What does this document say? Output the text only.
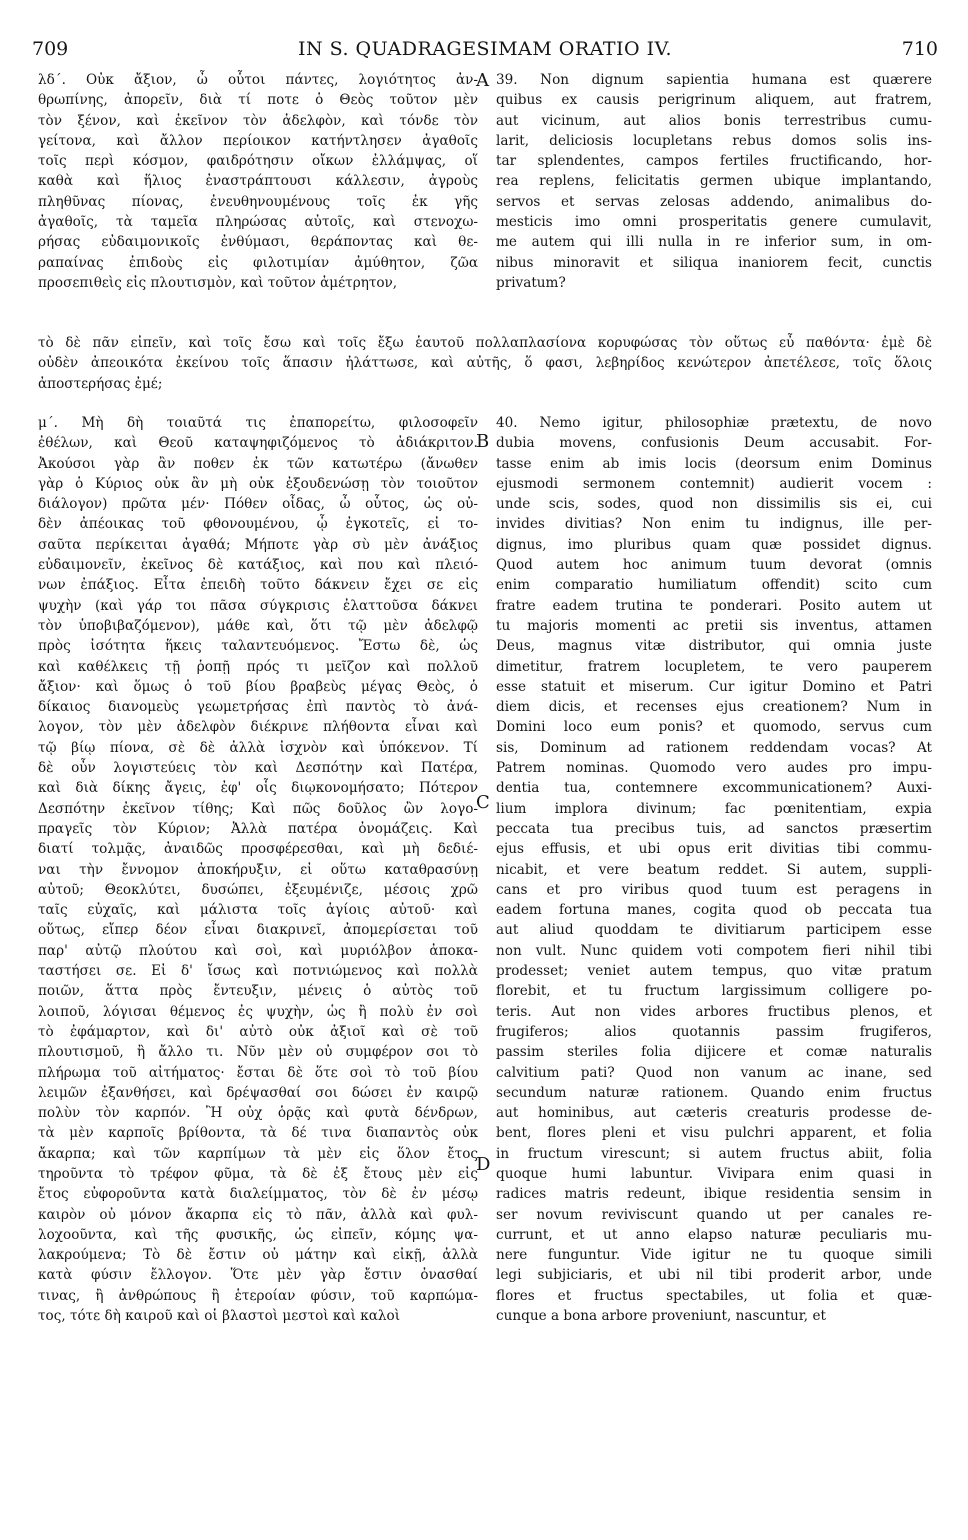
709	IN S. QUADRAGESIMAM ORATIO IV.	710
A
B
C
D
λδ΄. Οὐκ ἄξιον, ὦ οὗτοι πάντες, λογιότητος ἀν-
θρωπίνης, ἀπορεῖν, διὰ τί ποτε ὁ Θεὸς τοῦτον μὲν
τὸν ξένον, καὶ ἐκεῖνον τὸν ἀδελφὸν, καὶ τόνδε τὸν
γείτονα, καὶ ἄλλον περίοικον κατήντλησεν ἀγαθοῖς
τοῖς περὶ κόσμον, φαιδρότησιν οἴκων ἐλλάμψας, οἵ
καθὰ καὶ ἥλιος ἐναστράπτουσι κάλλεσιν, ἀγροὺς
πληθῦνας πίονας, ἐνευθηνουμένους τοῖς ἐκ γῆς
ἀγαθοῖς, τὰ ταμεῖα πληρώσας αὐτοῖς, καὶ στενοχω-
ρήσας εὐδαιμονικοῖς ἐνθύμασι, θεράποντας καὶ θε-
ραπαίνας ἐπιδοὺς εἰς φιλοτιμίαν ἀμύθητον, ζῶα
προσεπιθεὶς εἰς πλουτισμὸν, καὶ τοῦτον ἀμέτρητον,
39. Non dignum sapientia humana est quærere
quibus ex causis perigrinum aliquem, aut fratrem,
aut vicinum, aut alios bonis terrestribus cumu-
larit, deliciosis locupletans rebus domos solis ins-
tar splendentes, campos fertiles fructificando, hor-
rea replens, felicitatis germen ubique implantando,
servos et servas zelosas addendo, animalibus do-
mesticis imo omni prosperitatis genere cumulavit,
me autem qui illi nulla in re inferior sum, in om-
nibus minoravit et siliqua inaniorem fecit, cunctis
privatum?
τὸ δὲ πᾶν εἰπεῖν, καὶ τοῖς ἔσω καὶ τοῖς ἔξω ἑαυτοῦ πολλαπλασίονα κορυφώσας τὸν οὕτως εὖ παθόντα· ἐμὲ δὲ
οὐδὲν ἀπεοικότα ἐκείνου τοῖς ἅπασιν ἠλάττωσε, καὶ αὐτῆς, ὅ φασι, λεβηρίδος κενώτερον ἀπετέλεσε, τοῖς ὅλοις
ἀποστερήσας ἐμέ;
μ΄. Μὴ δὴ τοιαῦτά τις ἐπαπορείτω, φιλοσοφεῖν
ἐθέλων, καὶ Θεοῦ καταψηφιζόμενος τὸ ἀδιάκριτον.
Ἀκούσοι γὰρ ἂν ποθεν ἐκ τῶν κατωτέρω (ἄνωθεν
γὰρ ὁ Κύριος οὐκ ἂν μὴ οὐκ ἐξουδενώσῃ τὸν τοιοῦτον
διάλογον) πρῶτα μέν· Πόθεν οἶδας, ὦ οὗτος, ὡς οὐ-
δὲν ἀπέοικας τοῦ φθονουμένου, ᾧ ἐγκοτεῖς, εἰ το-
σαῦτα περίκειται ἀγαθά; Μήποτε γὰρ σὺ μὲν ἀνάξιος
εὐδαιμονεῖν, ἐκεῖνος δὲ κατάξιος, καὶ που καὶ πλειό-
νων ἐπάξιος. Εἶτα ἐπειδὴ τοῦτο δάκνειν ἔχει σε εἰς
ψυχὴν (καὶ γάρ τοι πᾶσα σύγκρισις ἐλαττοῦσα δάκνει
τὸν ὑποβιβαζόμενον), μάθε καὶ, ὅτι τῷ μὲν ἀδελφῷ
πρὸς ἰσότητα ἥκεις ταλαντευόμενος. Ἔστω δὲ, ὡς
καὶ καθέλκεις τῇ ῥοπῇ πρός τι μεῖζον καὶ πολλοῦ
ἄξιον· καὶ ὅμως ὁ τοῦ βίου βραβεὺς μέγας Θεὸς, ὁ
δίκαιος διανομεὺς γεωμετρήσας ἐπὶ παντὸς τὸ ἀνά-
λογον, τὸν μὲν ἀδελφὸν διέκρινε πλήθοντα εἶναι καὶ
τῷ βίῳ πίονα, σὲ δὲ ἀλλὰ ἰσχνὸν καὶ ὑπόκενον. Τί
δὲ οὖν λογιστεύεις τὸν καὶ Δεσπότην καὶ Πατέρα,
καὶ διὰ δίκης ἄγεις, ἐφ' οἷς διῳκονομήσατο; Πότερον
Δεσπότην ἐκεῖνον τίθης; Καὶ πῶς δοῦλος ὢν λογο-
πραγεῖς τὸν Κύριον; Ἀλλὰ πατέρα ὀνομάζεις. Καὶ
διατί τολμᾷς, ἀναιδῶς προσφέρεσθαι, καὶ μὴ δεδιέ-
ναι τὴν ἔννομον ἀποκήρυξιν, εἰ οὕτω καταθρασύνῃ
αὐτοῦ; Θεοκλύτει, δυσώπει, ἐξευμένιζε, μέσοις χρῶ
ταῖς εὐχαῖς, καὶ μάλιστα τοῖς ἁγίοις αὐτοῦ· καὶ
οὕτως, εἴπερ δέον εἶναι διακρινεῖ, ἀπομερίσεται τοῦ
παρ' αὐτῷ πλούτου καὶ σοὶ, καὶ μυριόλβον ἀποκα-
ταστήσει σε. Εἰ δ' ἴσως καὶ ποτνιώμενος καὶ πολλὰ
ποιῶν, ἅττα πρὸς ἔντευξιν, μένεις ὁ αὐτὸς τοῦ
λοιποῦ, λόγισαι θέμενος ἐς ψυχὴν, ὡς ἢ πολὺ ἐν σοὶ
τὸ ἐφάμαρτον, καὶ δι' αὐτὸ οὐκ ἀξιοῖ καὶ σὲ τοῦ
πλουτισμοῦ, ἢ ἄλλο τι. Νῦν μὲν οὐ συμφέρον σοι τὸ
πλήρωμα τοῦ αἰτήματος· ἔσται δὲ ὅτε σοὶ τὸ τοῦ βίου
λειμῶν ἐξανθήσει, καὶ δρέψασθαί σοι δώσει ἐν καιρῷ
πολὺν τὸν καρπόν. Ἢ οὐχ ὁρᾷς καὶ φυτὰ δένδρων,
τὰ μὲν καρποῖς βρίθοντα, τὰ δέ τινα διαπαντὸς οὐκ
ἄκαρπα; καὶ τῶν καρπίμων τὰ μὲν εἰς ὅλον ἔτος
τηροῦντα τὸ τρέφον φῦμα, τὰ δὲ ἐξ ἔτους μὲν εἰς
ἔτος εὐφοροῦντα κατὰ διαλείμματος, τὸν δὲ ἐν μέσῳ
καιρὸν οὐ μόνον ἄκαρπα εἰς τὸ πᾶν, ἀλλὰ καὶ φυλ-
λοχοοῦντα, καὶ τῆς φυσικῆς, ὡς εἰπεῖν, κόμης ψα-
λακρούμενα; Τὸ δὲ ἔστιν οὐ μάτην καὶ εἰκῇ, ἀλλὰ
κατὰ φύσιν ἔλλογον. Ὅτε μὲν γὰρ ἔστιν ὀνασθαί
τινας, ἢ ἀνθρώπους ἢ ἑτεροίαν φύσιν, τοῦ καρπώμα-
τος, τότε δὴ καιροῦ καὶ οἱ βλαστοὶ μεστοὶ καὶ καλοὶ
40. Nemo igitur, philosophiæ prætextu, de novo
dubia movens, confusionis Deum accusabit. For-
tasse enim ab imis locis (deorsum enim Dominus
ejusmodi sermonem contemnit) audierit vocem :
unde scis, sodes, quod non dissimilis sis ei, cui
invides divitias? Non enim tu indignus, ille per-
dignus, imo pluribus quam quæ possidet dignus.
Quod autem hoc animum tuum devorat (omnis
enim comparatio humiliatum offendit) scito cum
fratre eadem trutina te ponderari. Posito autem ut
tu majoris momenti ac pretii sis inventus, attamen
Deus, magnus vitæ distributor, qui omnia juste
dimetitur, fratrem locupletem, te vero pauperem
esse statuit et miserum. Cur igitur Domino et Patri
diem dicis, et recenses ejus creationem? Num in
Domini loco eum ponis? et quomodo, servus cum
sis, Dominum ad rationem reddendam vocas? At
Patrem nominas. Quomodo vero audes pro impu-
dentia tua, contemnere excommunicationem? Auxi-
lium implora divinum; fac pœnitentiam, expia
peccata tua precibus tuis, ad sanctos præsertim
ejus effusis, et ubi opus erit divitias tibi commu-
nicabit, et vere beatum reddet. Si autem, suppli-
cans et pro viribus quod tuum est peragens in
eadem fortuna manes, cogita quod ob peccata tua
aut aliud quoddam te divitiarum participem esse
non vult. Nunc quidem voti compotem fieri nihil tibi
prodesset; veniet autem tempus, quo vitæ pratum
florebit, et tu fructum largissimum colligere po-
teris. Aut non vides arbores fructibus plenos, et
frugiferos; alios quotannis passim frugiferos,
passim steriles folia dijicere et comæ naturalis
calvitium pati? Quod non vanum ac inane, sed
secundum naturæ rationem. Quando enim fructus
aut hominibus, aut cæteris creaturis prodesse de-
bent, flores pleni et visu pulchri apparent, et folia
in fructum virescunt; si autem fructus abiit, folia
quoque humi labuntur. Vivipara enim quasi in
radices matris redeunt, ibique residentia sensim in
ser novum reviviscunt quando ut per canales re-
currunt, et ut anno elapso naturæ peculiaris mu-
nere funguntur. Vide igitur ne tu quoque simili
legi subjiciaris, et ubi nil tibi proderit arbor, unde
flores et fructus spectabiles, ut folia et quæ-
cunque a bona arbore proveniunt, nascuntur, et
